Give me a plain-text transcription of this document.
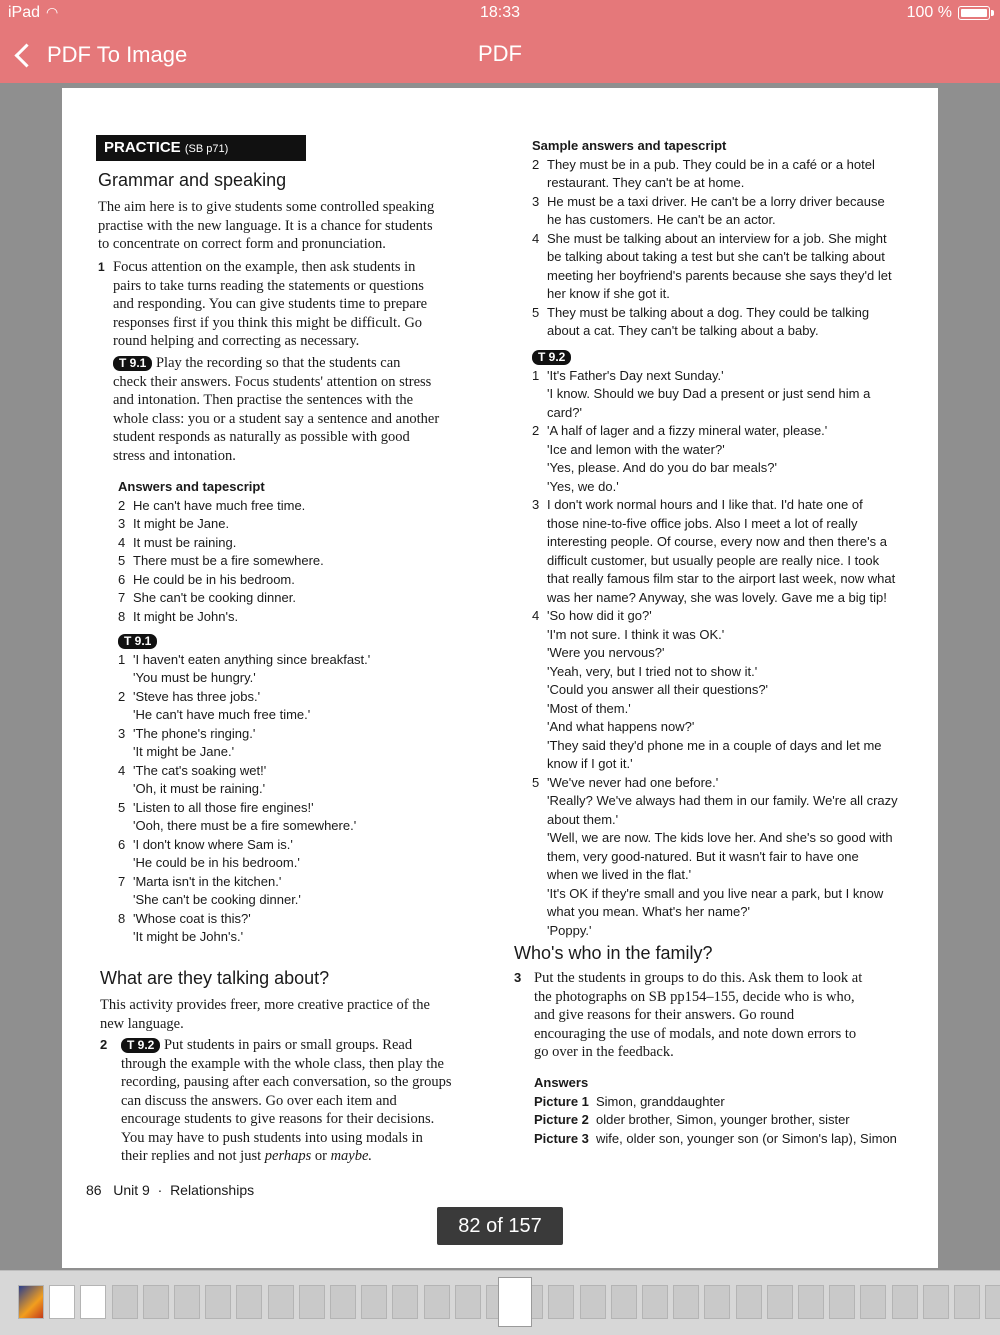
iPad ◠	18:33	100 %
PDF To Image	PDF
PRACTICE (SB p71)
Grammar and speaking
The aim here is to give students some controlled speaking
practise with the new language. It is a chance for students
to concentrate on correct form and pronunciation.
1 Focus attention on the example, then ask students in
pairs to take turns reading the statements or questions
and responding. You can give students time to prepare
responses first if you think this might be difficult. Go
round helping and correcting as necessary.
T 9.1 Play the recording so that the students can
check their answers. Focus students' attention on stress
and intonation. Then practise the sentences with the
whole class: you or a student say a sentence and another
student responds as naturally as possible with good
stress and intonation.
Answers and tapescript
2 He can't have much free time.
3 It might be Jane.
4 It must be raining.
5 There must be a fire somewhere.
6 He could be in his bedroom.
7 She can't be cooking dinner.
8 It might be John's.
T 9.1
1 'I haven't eaten anything since breakfast.'
'You must be hungry.'
2 'Steve has three jobs.'
'He can't have much free time.'
3 'The phone's ringing.'
'It might be Jane.'
4 'The cat's soaking wet!'
'Oh, it must be raining.'
5 'Listen to all those fire engines!'
'Ooh, there must be a fire somewhere.'
6 'I don't know where Sam is.'
'He could be in his bedroom.'
7 'Marta isn't in the kitchen.'
'She can't be cooking dinner.'
8 'Whose coat is this?'
'It might be John's.'
What are they talking about?
This activity provides freer, more creative practice of the
new language.
2	T 9.2 Put students in pairs or small groups. Read
through the example with the whole class, then play the
recording, pausing after each conversation, so the groups
can discuss the answers. Go over each item and
encourage students to give reasons for their decisions.
You may have to push students into using modals in
their replies and not just perhaps or maybe.
Sample answers and tapescript
2 They must be in a pub. They could be in a café or a hotel
restaurant. They can't be at home.
3 He must be a taxi driver. He can't be a lorry driver because
he has customers. He can't be an actor.
4 She must be talking about an interview for a job. She might
be talking about taking a test but she can't be talking about
meeting her boyfriend's parents because she says they'd let
her know if she got it.
5 They must be talking about a dog. They could be talking
about a cat. They can't be talking about a baby.
T 9.2
1 'It's Father's Day next Sunday.'
'I know. Should we buy Dad a present or just send him a card?'
2 'A half of lager and a fizzy mineral water, please.'
'Ice and lemon with the water?'
'Yes, please. And do you do bar meals?'
'Yes, we do.'
3 I don't work normal hours and I like that. I'd hate one of
those nine-to-five office jobs. Also I meet a lot of really
interesting people. Of course, every now and then there's a
difficult customer, but usually people are really nice. I took
that really famous film star to the airport last week, now what
was her name? Anyway, she was lovely. Gave me a big tip!
4 'So how did it go?'
'I'm not sure. I think it was OK.'
'Were you nervous?'
'Yeah, very, but I tried not to show it.'
'Could you answer all their questions?'
'Most of them.'
'And what happens now?'
'They said they'd phone me in a couple of days and let me
know if I got it.'
5 'We've never had one before.'
'Really? We've always had them in our family. We're all crazy
about them.'
'Well, we are now. The kids love her. And she's so good with
them, very good-natured. But it wasn't fair to have one
when we lived in the flat.'
'It's OK if they're small and you live near a park, but I know
what you mean. What's her name?'
'Poppy.'
Who's who in the family?
3 Put the students in groups to do this. Ask them to look at
the photographs on SB pp154–155, decide who is who,
and give reasons for their answers. Go round
encouraging the use of modals, and note down errors to
go over in the feedback.
Answers
Picture 1 Simon, granddaughter
Picture 2 older brother, Simon, younger brother, sister
Picture 3 wife, older son, younger son (or Simon's lap), Simon
86 Unit 9 · Relationships
82 of 157
